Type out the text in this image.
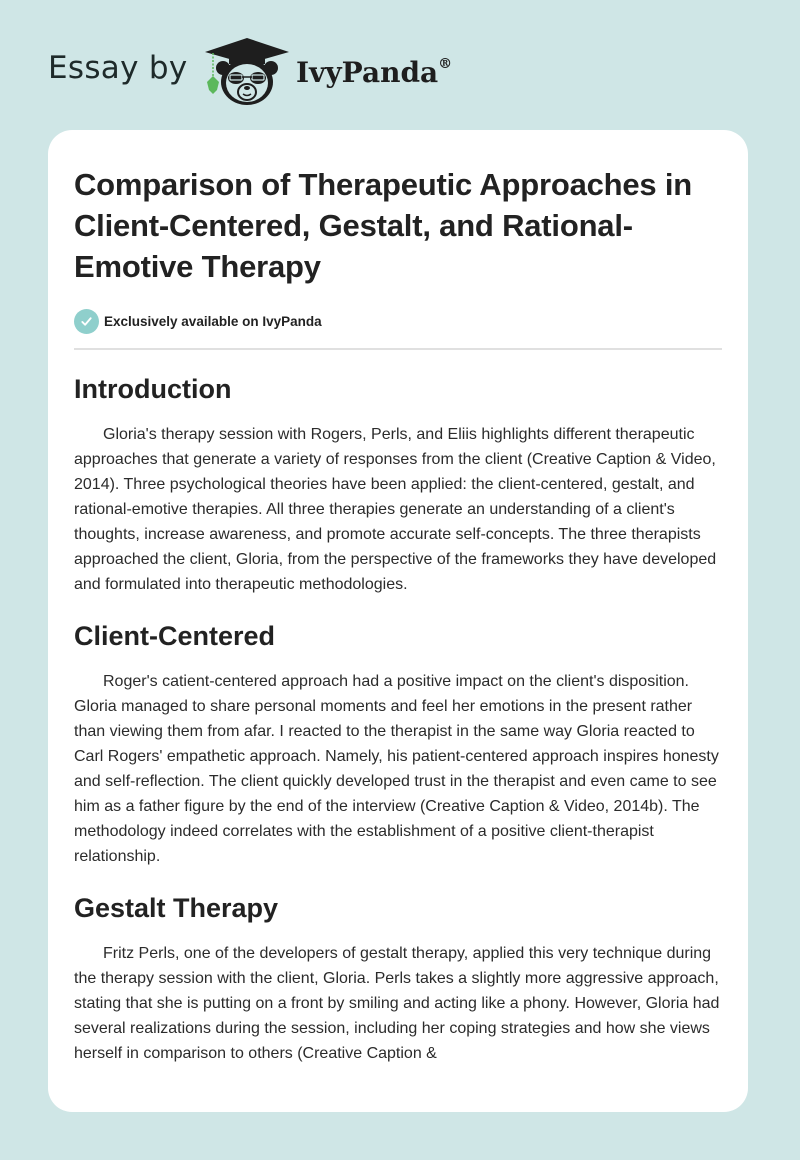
Essay by	IvyPanda®
Comparison of Therapeutic Approaches in Client-Centered, Gestalt, and Rational-Emotive Therapy
Exclusively available on IvyPanda
Introduction

Gloria's therapy session with Rogers, Perls, and Eliis highlights different therapeutic approaches that generate a variety of responses from the client (Creative Caption & Video, 2014). Three psychological theories have been applied: the client-centered, gestalt, and rational-emotive therapies. All three therapies generate an understanding of a client's thoughts, increase awareness, and promote accurate self-concepts. The three therapists approached the client, Gloria, from the perspective of the frameworks they have developed and formulated into therapeutic methodologies.

Client-Centered

Roger's catient-centered approach had a positive impact on the client's disposition. Gloria managed to share personal moments and feel her emotions in the present rather than viewing them from afar. I reacted to the therapist in the same way Gloria reacted to Carl Rogers' empathetic approach. Namely, his patient-centered approach inspires honesty and self-reflection. The client quickly developed trust in the therapist and even came to see him as a father figure by the end of the interview (Creative Caption & Video, 2014b). The methodology indeed correlates with the establishment of a positive client-therapist relationship.

Gestalt Therapy

Fritz Perls, one of the developers of gestalt therapy, applied this very technique during the therapy session with the client, Gloria. Perls takes a slightly more aggressive approach, stating that she is putting on a front by smiling and acting like a phony. However, Gloria had several realizations during the session, including her coping strategies and how she views herself in comparison to others (Creative Caption &
